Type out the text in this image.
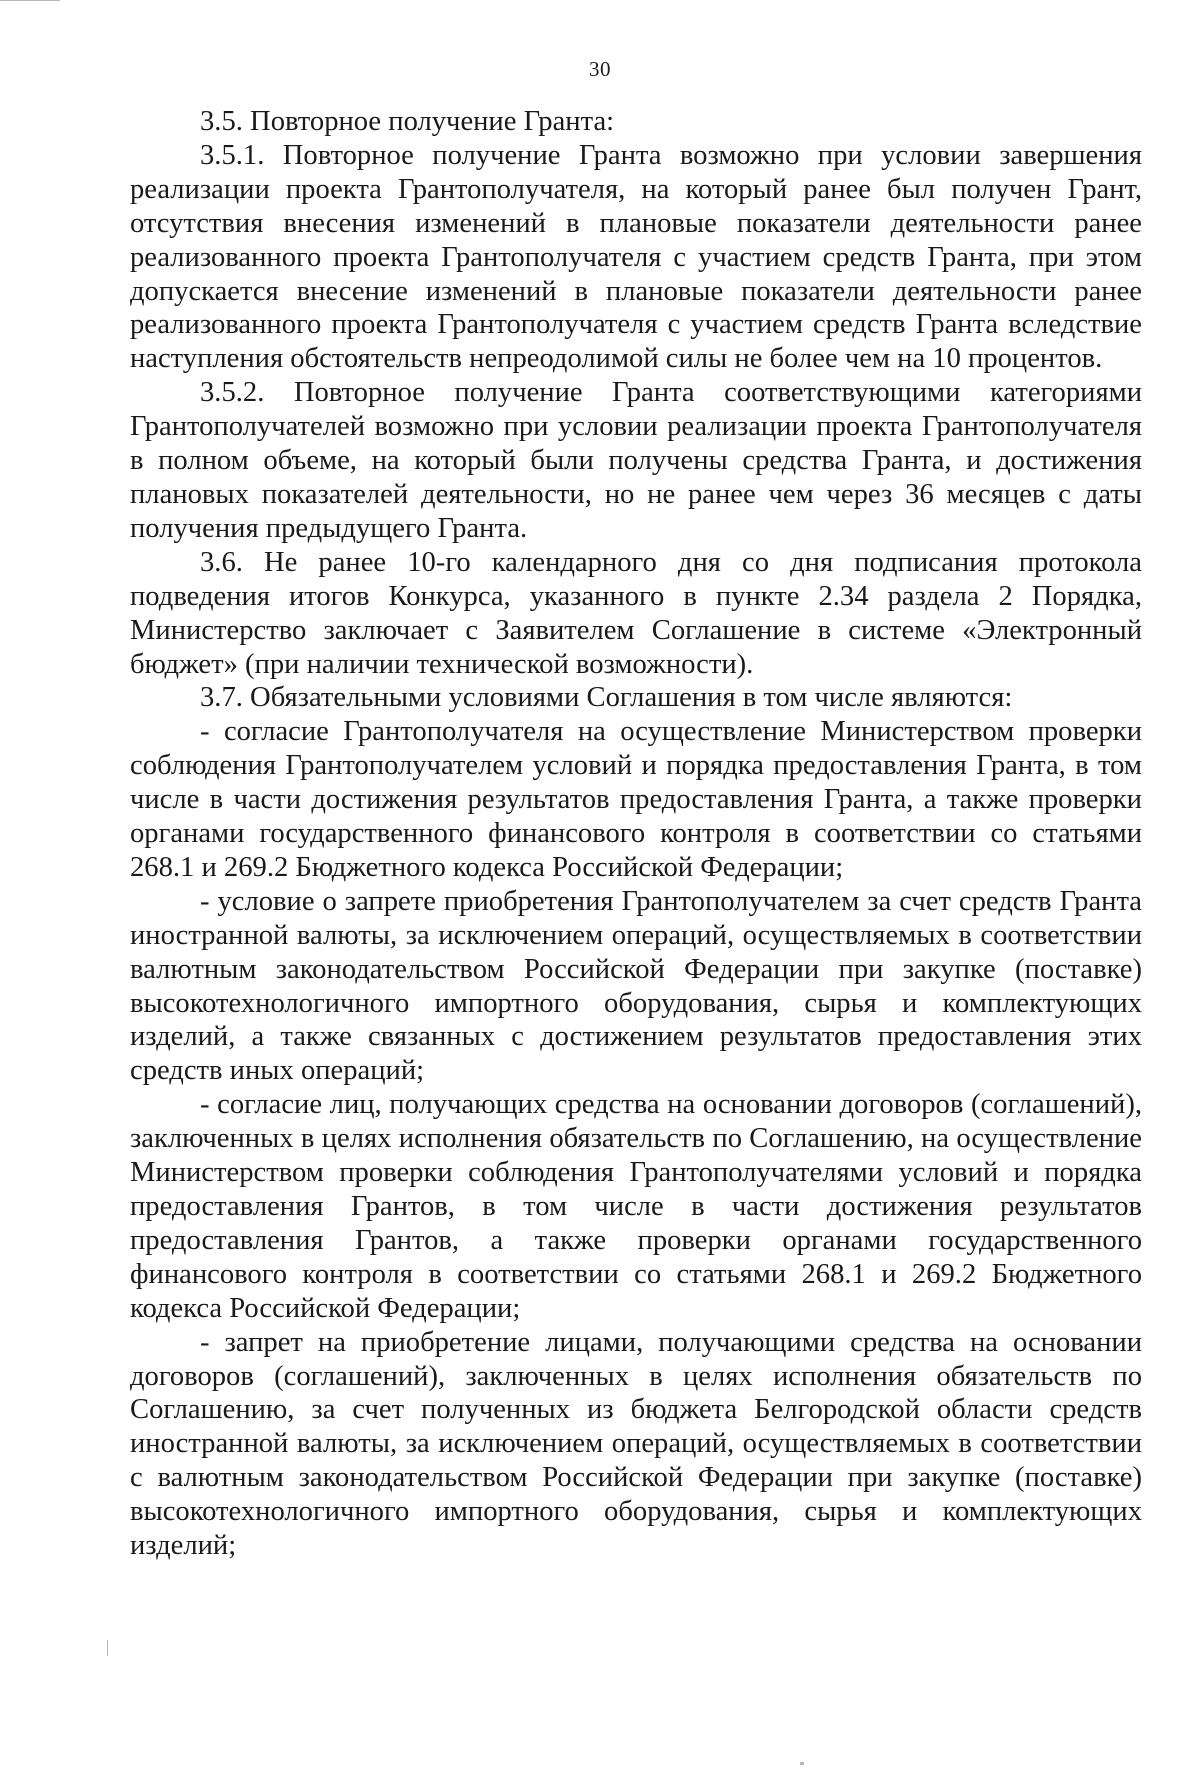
30

3.5. Повторное получение Гранта:

3.5.1. Повторное получение Гранта возможно при условии завершения реализации проекта Грантополучателя, на который ранее был получен Грант, отсутствия внесения изменений в плановые показатели деятельности ранее реализованного проекта Грантополучателя с участием средств Гранта, при этом допускается внесение изменений в плановые показатели деятельности ранее реализованного проекта Грантополучателя с участием средств Гранта вследствие наступления обстоятельств непреодолимой силы не более чем на 10 процентов.

3.5.2. Повторное получение Гранта соответствующими категориями Грантополучателей возможно при условии реализации проекта Грантополучателя в полном объеме, на который были получены средства Гранта, и достижения плановых показателей деятельности, но не ранее чем через 36 месяцев с даты получения предыдущего Гранта.

3.6. Не ранее 10-го календарного дня со дня подписания протокола подведения итогов Конкурса, указанного в пункте 2.34 раздела 2 Порядка, Министерство заключает с Заявителем Соглашение в системе «Электронный бюджет» (при наличии технической возможности).

3.7. Обязательными условиями Соглашения в том числе являются:

- согласие Грантополучателя на осуществление Министерством проверки соблюдения Грантополучателем условий и порядка предоставления Гранта, в том числе в части достижения результатов предоставления Гранта, а также проверки органами государственного финансового контроля в соответствии со статьями 268.1 и 269.2 Бюджетного кодекса Российской Федерации;

- условие о запрете приобретения Грантополучателем за счет средств Гранта иностранной валюты, за исключением операций, осуществляемых в соответствии валютным законодательством Российской Федерации при закупке (поставке) высокотехнологичного импортного оборудования, сырья и комплектующих изделий, а также связанных с достижением результатов предоставления этих средств иных операций;

- согласие лиц, получающих средства на основании договоров (соглашений), заключенных в целях исполнения обязательств по Соглашению, на осуществление Министерством проверки соблюдения Грантополучателями условий и порядка предоставления Грантов, в том числе в части достижения результатов предоставления Грантов, а также проверки органами государственного финансового контроля в соответствии со статьями 268.1 и 269.2 Бюджетного кодекса Российской Федерации;

- запрет на приобретение лицами, получающими средства на основании договоров (соглашений), заключенных в целях исполнения обязательств по Соглашению, за счет полученных из бюджета Белгородской области средств иностранной валюты, за исключением операций, осуществляемых в соответствии с валютным законодательством Российской Федерации при закупке (поставке) высокотехнологичного импортного оборудования, сырья и комплектующих изделий;
